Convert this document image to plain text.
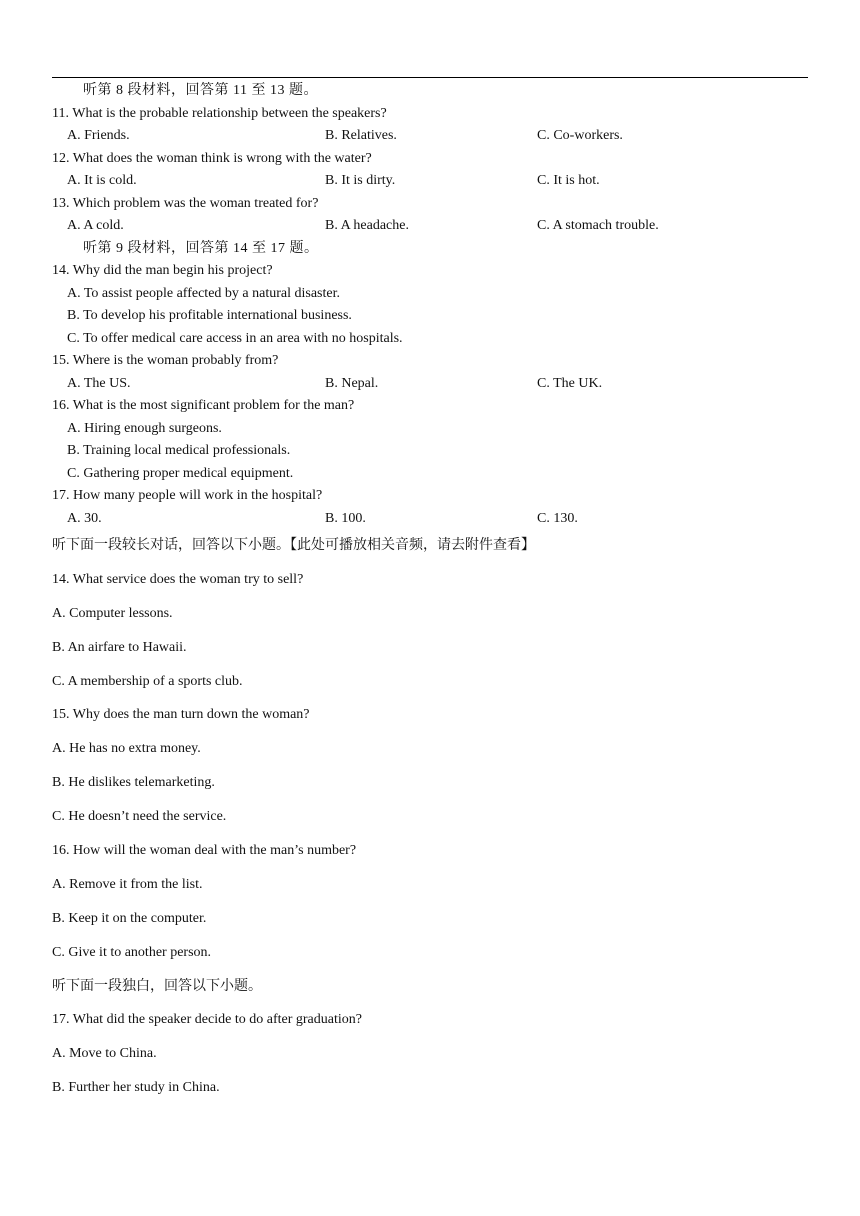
听第 8 段材料，回答第 11 至 13 题。
11. What is the probable relationship between the speakers?
A. Friends.	B. Relatives.	C. Co-workers.
12. What does the woman think is wrong with the water?
A. It is cold.	B. It is dirty.	C. It is hot.
13. Which problem was the woman treated for?
A. A cold.	B. A headache.	C. A stomach trouble.
听第 9 段材料，回答第 14 至 17 题。
14. Why did the man begin his project?
A. To assist people affected by a natural disaster.
B. To develop his profitable international business.
C. To offer medical care access in an area with no hospitals.
15. Where is the woman probably from?
A. The US.	B. Nepal.	C. The UK.
16. What is the most significant problem for the man?
A. Hiring enough surgeons.
B. Training local medical professionals.
C. Gathering proper medical equipment.
17. How many people will work in the hospital?
A. 30.	B. 100.	C. 130.
听下面一段较长对话，回答以下小题。【此处可播放相关音频，请去附件查看】
14. What service does the woman try to sell?
A. Computer lessons.
B. An airfare to Hawaii.
C. A membership of a sports club.
15. Why does the man turn down the woman?
A. He has no extra money.
B. He dislikes telemarketing.
C. He doesn’t need the service.
16. How will the woman deal with the man’s number?
A. Remove it from the list.
B. Keep it on the computer.
C. Give it to another person.
听下面一段独白，回答以下小题。
17. What did the speaker decide to do after graduation?
A. Move to China.
B. Further her study in China.
